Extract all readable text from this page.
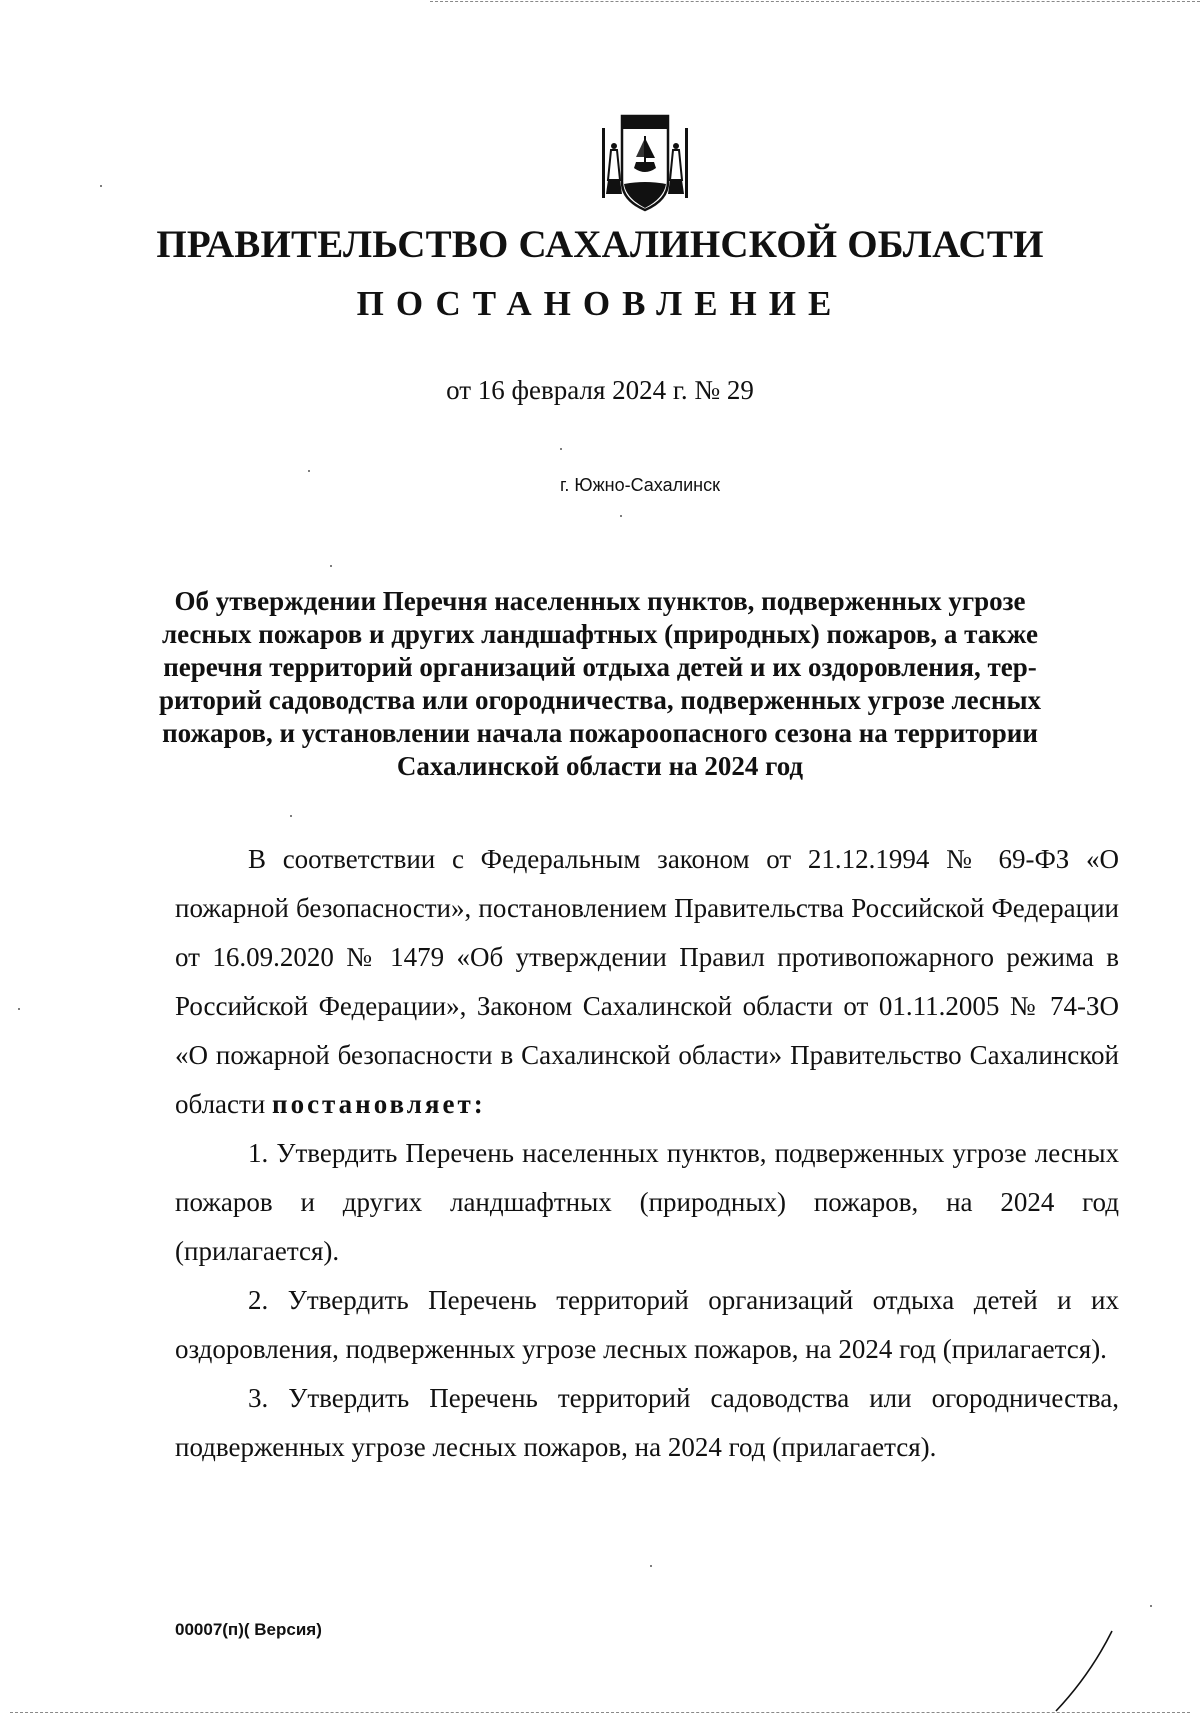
ПРАВИТЕЛЬСТВО САХАЛИНСКОЙ ОБЛАСТИ
ПОСТАНОВЛЕНИЕ

от 16 февраля 2024 г. № 29

г. Южно-Сахалинск

Об утверждении Перечня населенных пунктов, подверженных угрозе
лесных пожаров и других ландшафтных (природных) пожаров, а также
перечня территорий организаций отдыха детей и их оздоровления, тер-
риторий садоводства или огородничества, подверженных угрозе лесных
пожаров, и установлении начала пожароопасного сезона на территории
Сахалинской области на 2024 год

В соответствии с Федеральным законом от 21.12.1994 № 69-ФЗ «О пожарной безопасности», постановлением Правительства Российской Федерации от 16.09.2020 № 1479 «Об утверждении Правил противопожарного режима в Российской Федерации», Законом Сахалинской области от 01.11.2005 № 74-ЗО «О пожарной безопасности в Сахалинской области» Правительство Сахалинской области постановляет:

1. Утвердить Перечень населенных пунктов, подверженных угрозе лесных пожаров и других ландшафтных (природных) пожаров, на 2024 год (прилагается).

2. Утвердить Перечень территорий организаций отдыха детей и их оздоровления, подверженных угрозе лесных пожаров, на 2024 год (прилагается).

3. Утвердить Перечень территорий садоводства или огородничества, подверженных угрозе лесных пожаров, на 2024 год (прилагается).

00007(п)( Версия)
